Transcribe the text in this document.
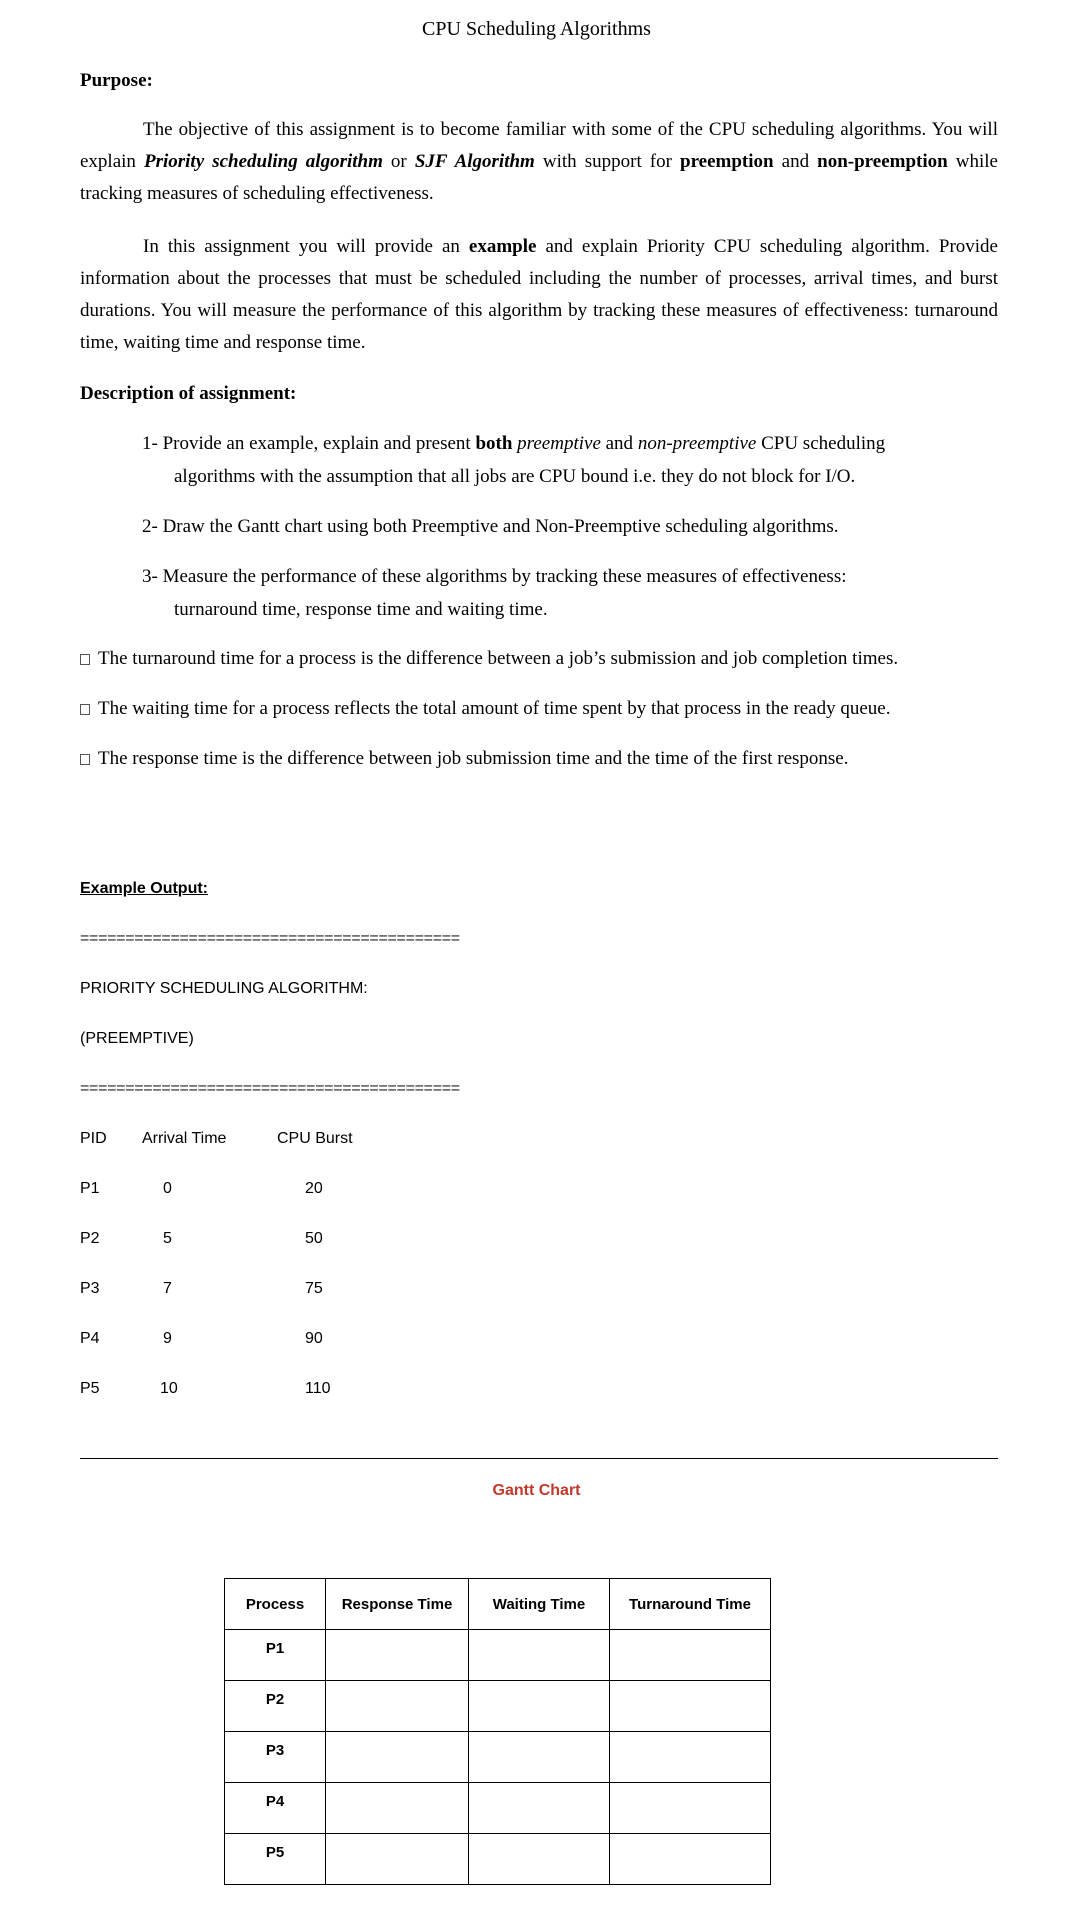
CPU Scheduling Algorithms
Purpose:
The objective of this assignment is to become familiar with some of the CPU scheduling algorithms. You will explain Priority scheduling algorithm or SJF Algorithm with support for preemption and non-preemption while tracking measures of scheduling effectiveness.
In this assignment you will provide an example and explain Priority CPU scheduling algorithm. Provide information about the processes that must be scheduled including the number of processes, arrival times, and burst durations. You will measure the performance of this algorithm by tracking these measures of effectiveness: turnaround time, waiting time and response time.
Description of assignment:
1- Provide an example, explain and present both preemptive and non-preemptive CPU scheduling
algorithms with the assumption that all jobs are CPU bound i.e. they do not block for I/O.
2- Draw the Gantt chart using both Preemptive and Non-Preemptive scheduling algorithms.
3- Measure the performance of these algorithms by tracking these measures of effectiveness:
turnaround time, response time and waiting time.
The turnaround time for a process is the difference between a job’s submission and job completion times.
The waiting time for a process reflects the total amount of time spent by that process in the ready queue.
The response time is the difference between job submission time and the time of the first response.
Example Output:
==========================================
PRIORITY SCHEDULING ALGORITHM:
(PREEMPTIVE)
==========================================
PID Arrival Time	CPU Burst
P1	0	20
P2	5	50
P3	7	75
P4	9	90
P5	10	110
Gantt Chart
Process	Response Time	Waiting Time	Turnaround Time
P1			
P2			
P3			
P4			
P5			
